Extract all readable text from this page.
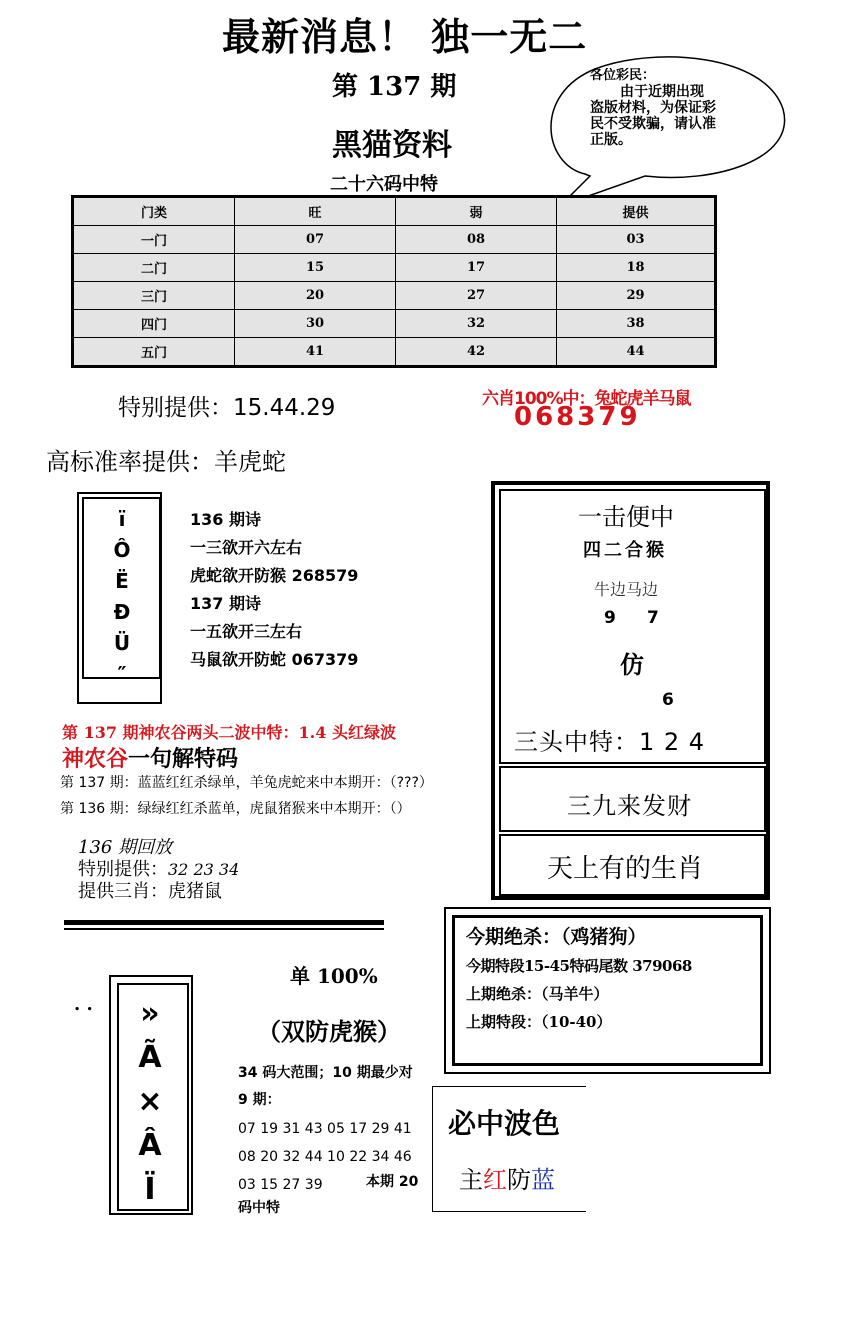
最新消息！ 独一无二
第 137 期
黑猫资料
二十六码中特
各位彩民：
由于近期出现
盗版材料，为保证彩
民不受欺骗，请认准
正版。
门类	旺	弱	提供
一门	07	08	03
二门	15	17	18
三门	20	27	29
四门	30	32	38
五门	41	42	44
特别提供：15.44.29	六肖100%中：兔蛇虎羊马鼠
068379
高标准率提供：羊虎蛇
ï
Ô
Ë
Ð
Ü
″
136 期诗
一三欲开六左右
虎蛇欲开防猴 268579
137 期诗
一五欲开三左右
马鼠欲开防蛇 067379
第 137 期神农谷两头二波中特：1.4 头红绿波
神农谷一句解特码
第 137 期：蓝蓝红红杀绿单，羊兔虎蛇来中本期开：（???）
第 136 期：绿绿红红杀蓝单，虎鼠猪猴来中本期开：（）
136 期回放
特别提供：32 23 34
提供三肖：虎猪鼠
一击便中
四二合猴
牛边马边
9 7
仿
6
三头中特：1 2 4
三九来发财
天上有的生肖
今期绝杀：（鸡猪狗）
今期特段15-45特码尾数 379068
上期绝杀：（马羊牛）
上期特段：（10-40）
. .	»
Ã
×
Â
Ï
单 100%
（双防虎猴）
34 码大范围；10 期最少对
9 期：
07 19 31 43 05 17 29 41
08 20 32 44 10 22 34 46
03 15 27 39	本期 20
码中特
必中波色
主红防蓝
